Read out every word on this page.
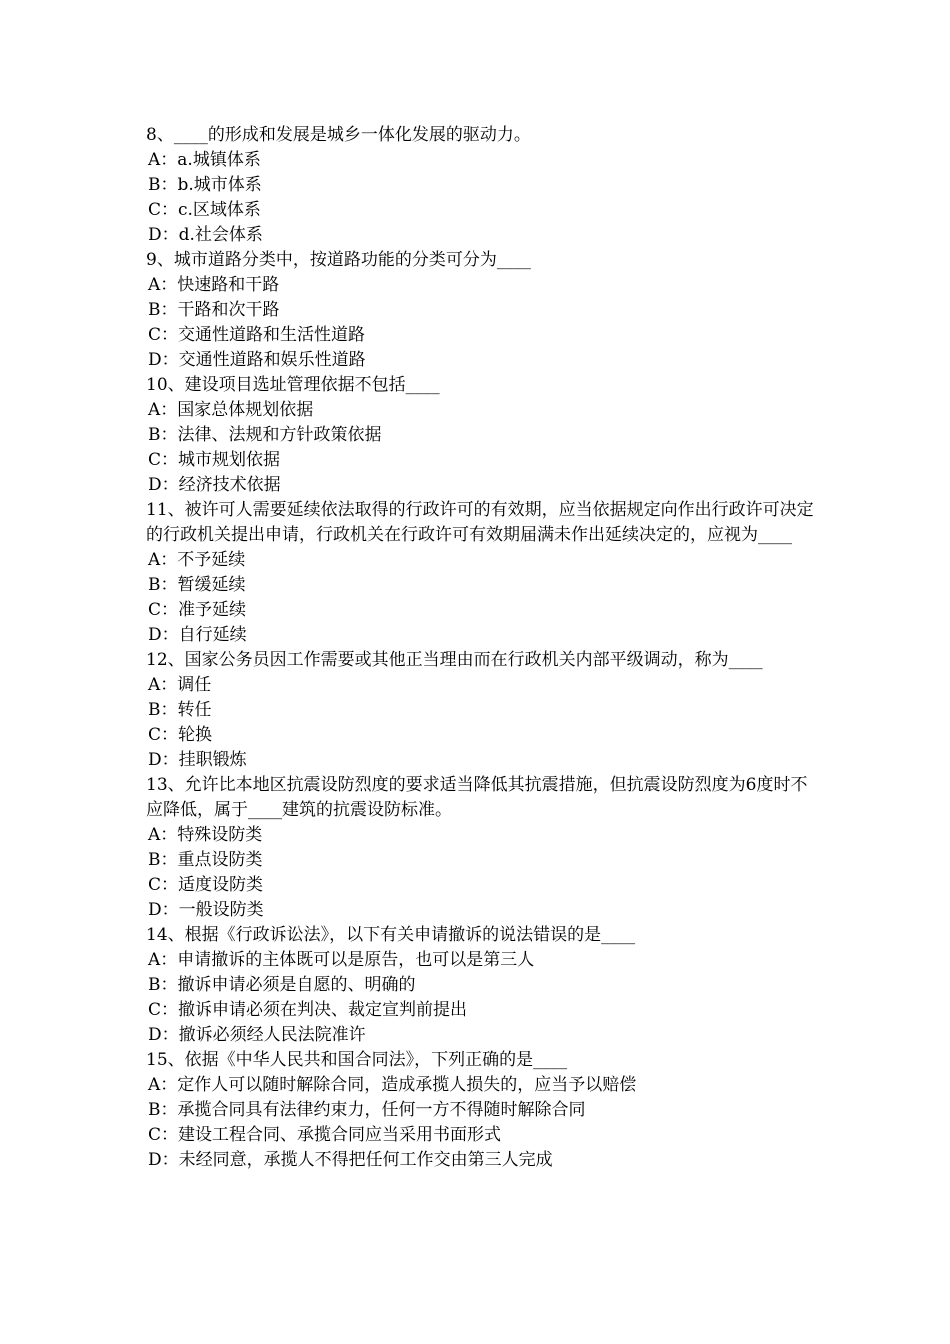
8、____的形成和发展是城乡一体化发展的驱动力。

A：a.城镇体系

B：b.城市体系

C：c.区域体系

D：d.社会体系

9、城市道路分类中，按道路功能的分类可分为____

A：快速路和干路

B：干路和次干路

C：交通性道路和生活性道路

D：交通性道路和娱乐性道路

10、建设项目选址管理依据不包括____

A：国家总体规划依据

B：法律、法规和方针政策依据

C：城市规划依据

D：经济技术依据

11、被许可人需要延续依法取得的行政许可的有效期，应当依据规定向作出行政许可决定的行政机关提出申请，行政机关在行政许可有效期届满未作出延续决定的，应视为____

A：不予延续

B：暂缓延续

C：准予延续

D：自行延续

12、国家公务员因工作需要或其他正当理由而在行政机关内部平级调动，称为____

A：调任

B：转任

C：轮换

D：挂职锻炼

13、允许比本地区抗震设防烈度的要求适当降低其抗震措施，但抗震设防烈度为6度时不应降低，属于____建筑的抗震设防标准。

A：特殊设防类

B：重点设防类

C：适度设防类

D：一般设防类

14、根据《行政诉讼法》，以下有关申请撤诉的说法错误的是____

A：申请撤诉的主体既可以是原告，也可以是第三人

B：撤诉申请必须是自愿的、明确的

C：撤诉申请必须在判决、裁定宣判前提出

D：撤诉必须经人民法院准许

15、依据《中华人民共和国合同法》，下列正确的是____

A：定作人可以随时解除合同，造成承揽人损失的，应当予以赔偿

B：承揽合同具有法律约束力，任何一方不得随时解除合同

C：建设工程合同、承揽合同应当采用书面形式

D：未经同意，承揽人不得把任何工作交由第三人完成
